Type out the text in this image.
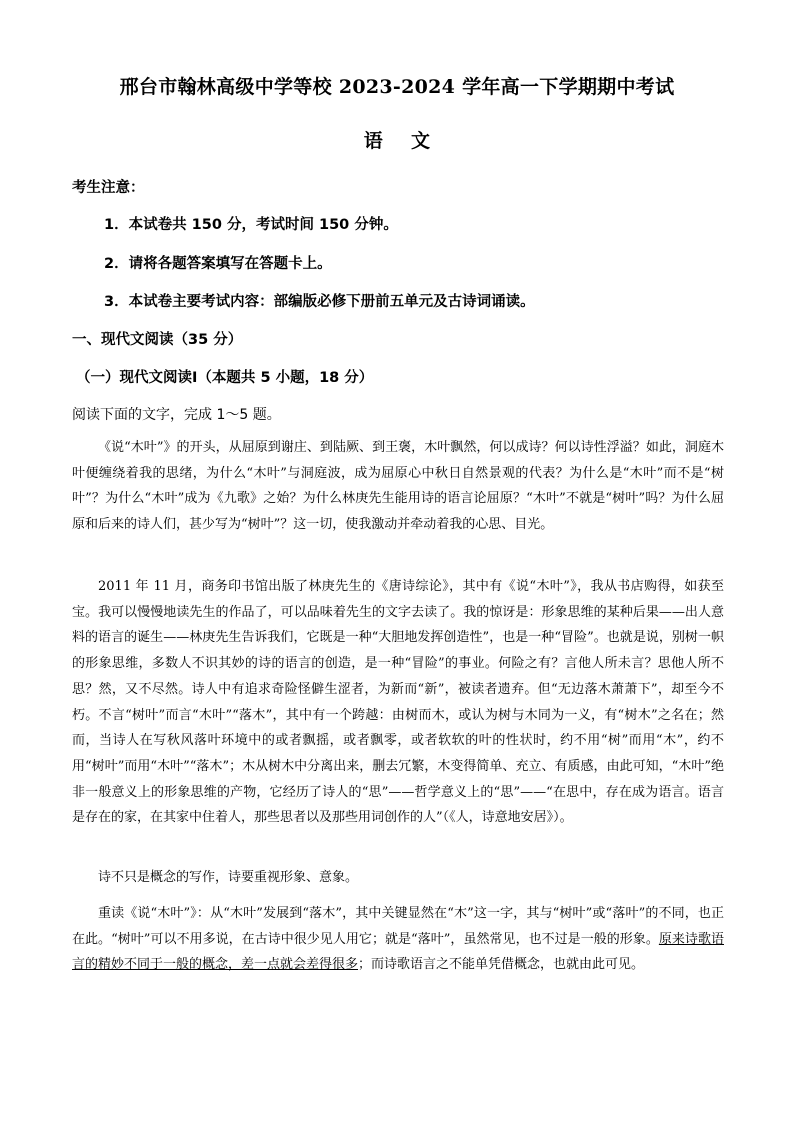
邢台市翰林高级中学等校 2023-2024 学年高一下学期期中考试
语 文
考生注意：
1．本试卷共 150 分，考试时间 150 分钟。
2．请将各题答案填写在答题卡上。
3．本试卷主要考试内容：部编版必修下册前五单元及古诗词诵读。
一、现代文阅读（35 分）
（一）现代文阅读Ⅰ（本题共 5 小题，18 分）
阅读下面的文字，完成 1～5 题。
《说“木叶”》的开头，从屈原到谢庄、到陆厥、到王褒，木叶飘然，何以成诗？何以诗性浮溢？如此，洞庭木叶便缠绕着我的思绪，为什么“木叶”与洞庭波，成为屈原心中秋日自然景观的代表？为什么是“木叶”而不是“树叶”？为什么“木叶”成为《九歌》之始？为什么林庚先生能用诗的语言论屈原？“木叶”不就是“树叶”吗？为什么屈原和后来的诗人们，甚少写为“树叶”？这一切，使我激动并牵动着我的心思、目光。
2011 年 11 月，商务印书馆出版了林庚先生的《唐诗综论》，其中有《说“木叶”》，我从书店购得，如获至宝。我可以慢慢地读先生的作品了，可以品味着先生的文字去读了。我的惊讶是：形象思维的某种后果——出人意料的语言的诞生——林庚先生告诉我们，它既是一种“大胆地发挥创造性”，也是一种“冒险”。也就是说，别树一帜的形象思维，多数人不识其妙的诗的语言的创造，是一种“冒险”的事业。何险之有？言他人所未言？思他人所不思？然，又不尽然。诗人中有追求奇险怪僻生涩者，为新而“新”，被读者遗弃。但“无边落木萧萧下”，却至今不朽。不言“树叶”而言“木叶”“落木”，其中有一个跨越：由树而木，或认为树与木同为一义，有“树木”之名在；然而，当诗人在写秋风落叶环境中的或者飘摇，或者飘零，或者软软的叶的性状时，约不用“树”而用“木”，约不用“树叶”而用“木叶”“落木”；木从树木中分离出来，删去冗繁，木变得简单、充立、有质感，由此可知，“木叶”绝非一般意义上的形象思维的产物，它经历了诗人的“思”——哲学意义上的“思”——“在思中，存在成为语言。语言是存在的家，在其家中住着人，那些思者以及那些用词创作的人”（《人，诗意地安居》）。
诗不只是概念的写作，诗要重视形象、意象。
重读《说“木叶”》：从“木叶”发展到“落木”，其中关键显然在“木”这一字，其与“树叶”或“落叶”的不同，也正在此。“树叶”可以不用多说，在古诗中很少见人用它；就是“落叶”，虽然常见，也不过是一般的形象。原来诗歌语言的精妙不同于一般的概念，差一点就会差得很多；而诗歌语言之不能单凭借概念，也就由此可见。
